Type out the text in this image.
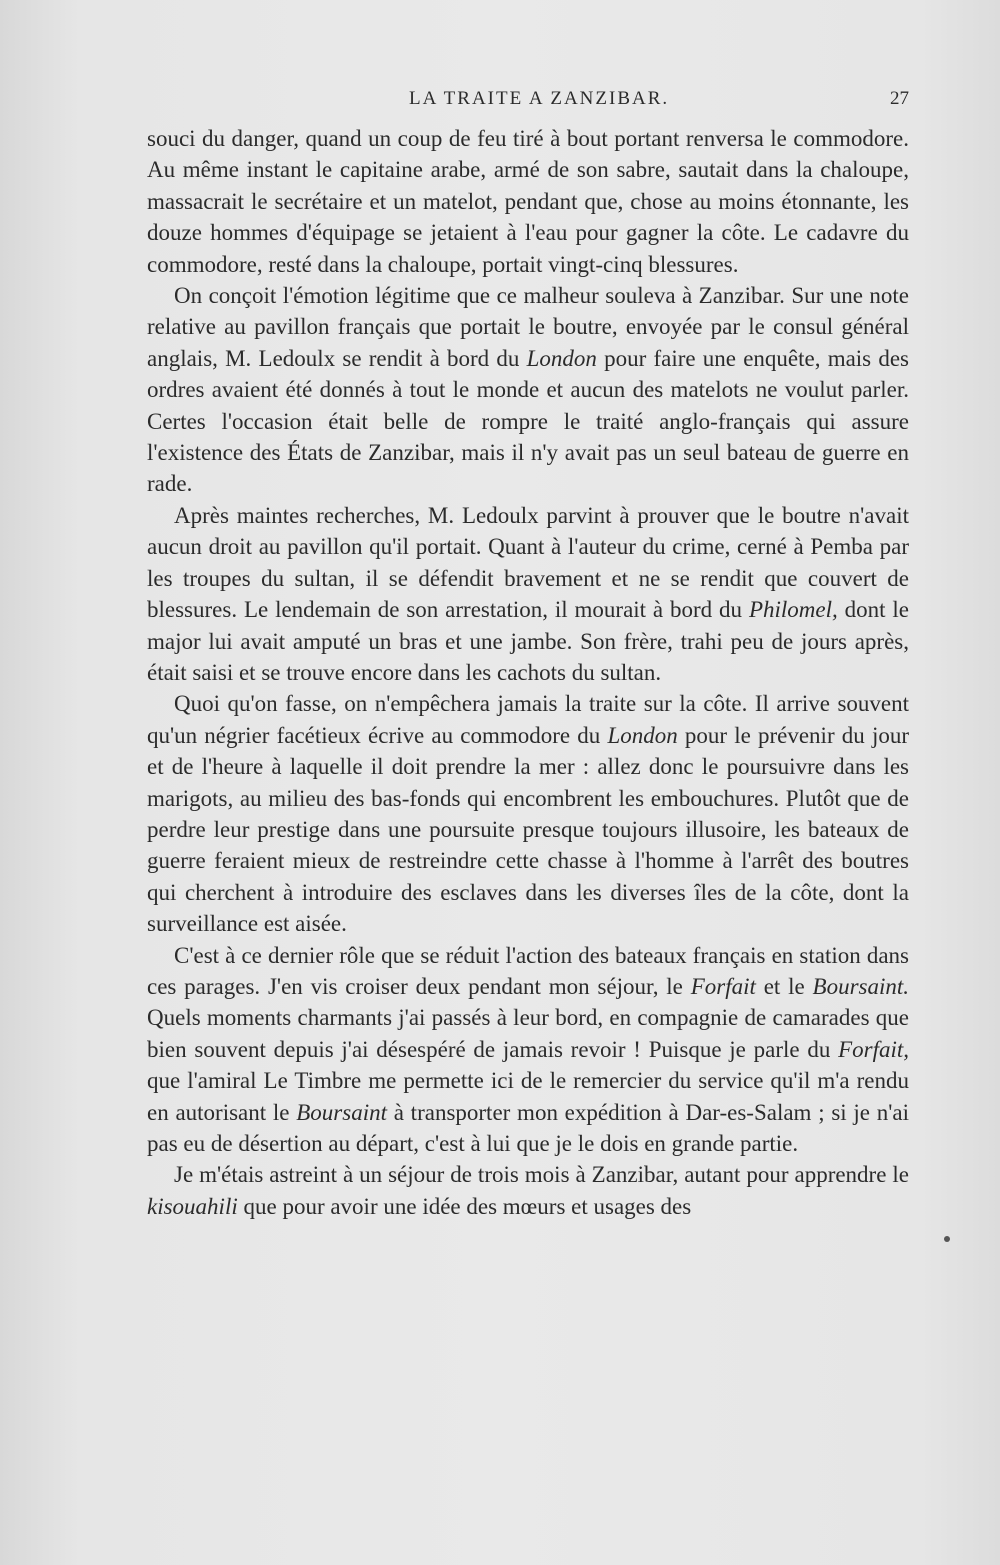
LA TRAITE A ZANZIBAR.	27

souci du danger, quand un coup de feu tiré à bout portant renversa le commodore. Au même instant le capitaine arabe, armé de son sabre, sautait dans la chaloupe, massacrait le secrétaire et un matelot, pendant que, chose au moins étonnante, les douze hommes d'équipage se jetaient à l'eau pour gagner la côte. Le cadavre du commodore, resté dans la chaloupe, portait vingt-cinq blessures.

On conçoit l'émotion légitime que ce malheur souleva à Zanzibar. Sur une note relative au pavillon français que portait le boutre, envoyée par le consul général anglais, M. Ledoulx se rendit à bord du London pour faire une enquête, mais des ordres avaient été donnés à tout le monde et aucun des matelots ne voulut parler. Certes l'occasion était belle de rompre le traité anglo-français qui assure l'existence des États de Zanzibar, mais il n'y avait pas un seul bateau de guerre en rade.

Après maintes recherches, M. Ledoulx parvint à prouver que le boutre n'avait aucun droit au pavillon qu'il portait. Quant à l'auteur du crime, cerné à Pemba par les troupes du sultan, il se défendit bravement et ne se rendit que couvert de blessures. Le lendemain de son arrestation, il mourait à bord du Philomel, dont le major lui avait amputé un bras et une jambe. Son frère, trahi peu de jours après, était saisi et se trouve encore dans les cachots du sultan.

Quoi qu'on fasse, on n'empêchera jamais la traite sur la côte. Il arrive souvent qu'un négrier facétieux écrive au commodore du London pour le prévenir du jour et de l'heure à laquelle il doit prendre la mer : allez donc le poursuivre dans les marigots, au milieu des bas-fonds qui encombrent les embouchures. Plutôt que de perdre leur prestige dans une poursuite presque toujours illusoire, les bateaux de guerre feraient mieux de restreindre cette chasse à l'homme à l'arrêt des boutres qui cherchent à introduire des esclaves dans les diverses îles de la côte, dont la surveillance est aisée.

C'est à ce dernier rôle que se réduit l'action des bateaux français en station dans ces parages. J'en vis croiser deux pendant mon séjour, le Forfait et le Boursaint. Quels moments charmants j'ai passés à leur bord, en compagnie de camarades que bien souvent depuis j'ai désespéré de jamais revoir ! Puisque je parle du Forfait, que l'amiral Le Timbre me permette ici de le remercier du service qu'il m'a rendu en autorisant le Boursaint à transporter mon expédition à Dar-es-Salam ; si je n'ai pas eu de désertion au départ, c'est à lui que je le dois en grande partie.

Je m'étais astreint à un séjour de trois mois à Zanzibar, autant pour apprendre le kisouahili que pour avoir une idée des mœurs et usages des
